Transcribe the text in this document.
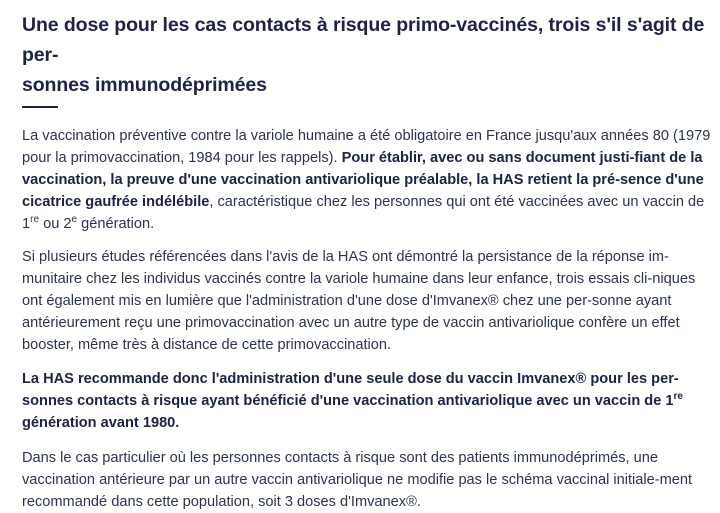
Une dose pour les cas contacts à risque primo-vaccinés, trois s'il s'agit de per-
sonnes immunodéprimées

La vaccination préventive contre la variole humaine a été obligatoire en France jusqu'aux années 80 (1979 pour la primovaccination, 1984 pour les rappels). Pour établir, avec ou sans document justi-fiant de la vaccination, la preuve d'une vaccination antivariolique préalable, la HAS retient la pré-sence d'une cicatrice gaufrée indélébile, caractéristique chez les personnes qui ont été vaccinées avec un vaccin de 1re ou 2e génération.

Si plusieurs études référencées dans l'avis de la HAS ont démontré la persistance de la réponse im-munitaire chez les individus vaccinés contre la variole humaine dans leur enfance, trois essais cli-niques ont également mis en lumière que l'administration d'une dose d'Imvanex® chez une per-sonne ayant antérieurement reçu une primovaccination avec un autre type de vaccin antivariolique confère un effet booster, même très à distance de cette primovaccination.

La HAS recommande donc l'administration d'une seule dose du vaccin Imvanex® pour les per-sonnes contacts à risque ayant bénéficié d'une vaccination antivariolique avec un vaccin de 1re génération avant 1980.

Dans le cas particulier où les personnes contacts à risque sont des patients immunodéprimés, une vaccination antérieure par un autre vaccin antivariolique ne modifie pas le schéma vaccinal initiale-ment recommandé dans cette population, soit 3 doses d'Imvanex®.
